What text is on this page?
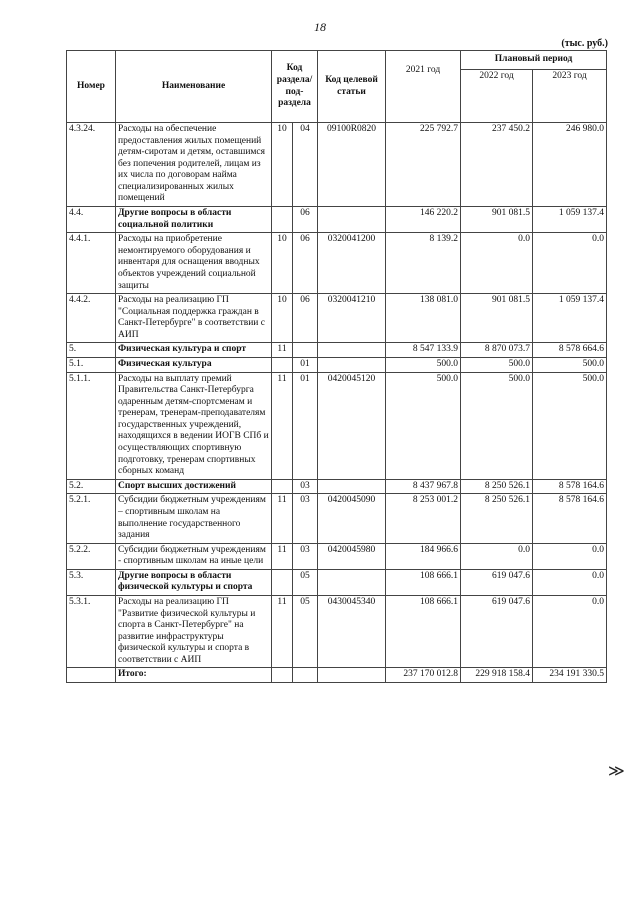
18
(тыс. руб.)
Номер	Наименование	Код раздела/ под-раздела		Код целевой статьи	2021 год	Плановый период	
						2022 год	2023 год
4.3.24.	Расходы на обеспечение предоставления жилых помещений детям-сиротам и детям, оставшимся без попечения родителей, лицам из их числа по договорам найма специализированных жилых помещений	10	04	09100R0820	225 792.7	237 450.2	246 980.0
4.4.	Другие вопросы в области социальной политики		06		146 220.2	901 081.5	1 059 137.4
4.4.1.	Расходы на приобретение немонтируемого оборудования и инвентаря для оснащения вводных объектов учреждений социальной защиты	10	06	0320041200	8 139.2	0.0	0.0
4.4.2.	Расходы на реализацию ГП "Социальная поддержка граждан в Санкт-Петербурге" в соответствии с АИП	10	06	0320041210	138 081.0	901 081.5	1 059 137.4
5.	Физическая культура и спорт	11			8 547 133.9	8 870 073.7	8 578 664.6
5.1.	Физическая культура		01		500.0	500.0	500.0
5.1.1.	Расходы на выплату премий Правительства Санкт-Петербурга одаренным детям-спортсменам и тренерам, тренерам-преподавателям государственных учреждений, находящихся в ведении ИОГВ СПб и осуществляющих спортивную подготовку, тренерам спортивных сборных команд	11	01	0420045120	500.0	500.0	500.0
5.2.	Спорт высших достижений		03		8 437 967.8	8 250 526.1	8 578 164.6
5.2.1.	Субсидии бюджетным учреждениям – спортивным школам на выполнение государственного задания	11	03	0420045090	8 253 001.2	8 250 526.1	8 578 164.6
5.2.2.	Субсидии бюджетным учреждениям - спортивным школам на иные цели	11	03	0420045980	184 966.6	0.0	0.0
5.3.	Другие вопросы в области физической культуры и спорта		05		108 666.1	619 047.6	0.0
5.3.1.	Расходы на реализацию ГП "Развитие физической культуры и спорта в Санкт-Петербурге" на развитие инфраструктуры физической культуры и спорта в соответствии с АИП	11	05	0430045340	108 666.1	619 047.6	0.0
	Итого:				237 170 012.8	229 918 158.4	234 191 330.5
≫
